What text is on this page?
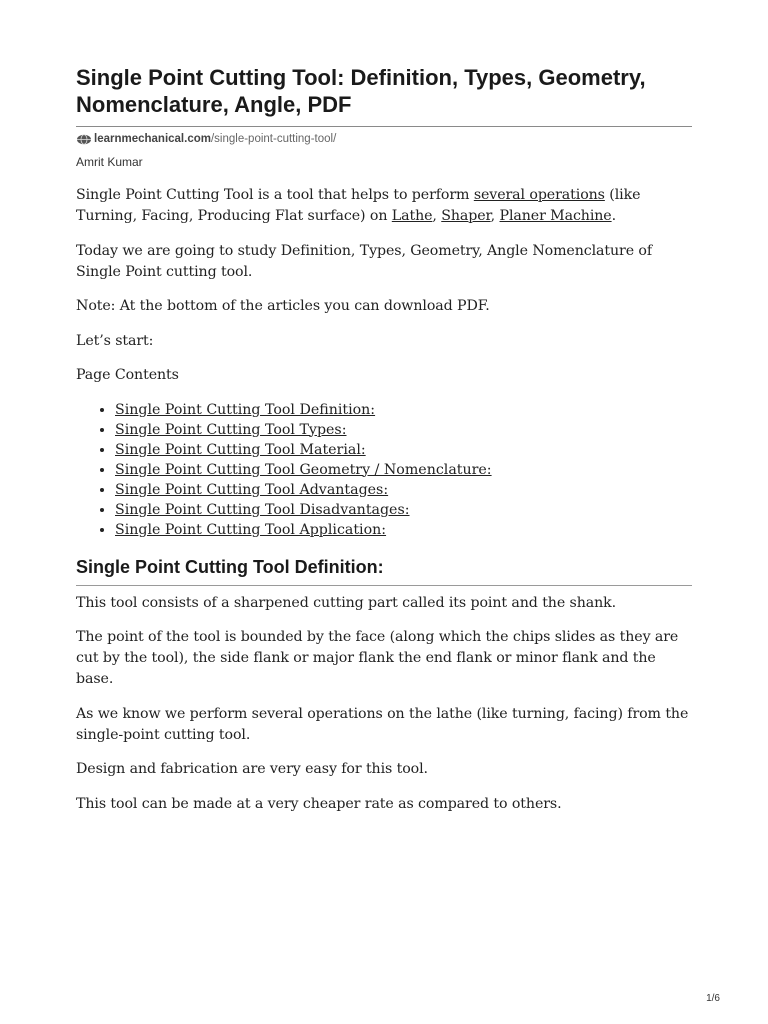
Single Point Cutting Tool: Definition, Types, Geometry, Nomenclature, Angle, PDF
learnmechanical.com /single-point-cutting-tool/
Amrit Kumar

Single Point Cutting Tool is a tool that helps to perform several operations (like Turning, Facing, Producing Flat surface) on Lathe, Shaper, Planer Machine.

Today we are going to study Definition, Types, Geometry, Angle Nomenclature of Single Point cutting tool.

Note: At the bottom of the articles you can download PDF.

Let’s start:

Page Contents

• Single Point Cutting Tool Definition:
• Single Point Cutting Tool Types:
• Single Point Cutting Tool Material:
• Single Point Cutting Tool Geometry / Nomenclature:
• Single Point Cutting Tool Advantages:
• Single Point Cutting Tool Disadvantages:
• Single Point Cutting Tool Application:
Single Point Cutting Tool Definition:

This tool consists of a sharpened cutting part called its point and the shank.

The point of the tool is bounded by the face (along which the chips slides as they are cut by the tool), the side flank or major flank the end flank or minor flank and the base.

As we know we perform several operations on the lathe (like turning, facing) from the single-point cutting tool.

Design and fabrication are very easy for this tool.

This tool can be made at a very cheaper rate as compared to others.

1/6
